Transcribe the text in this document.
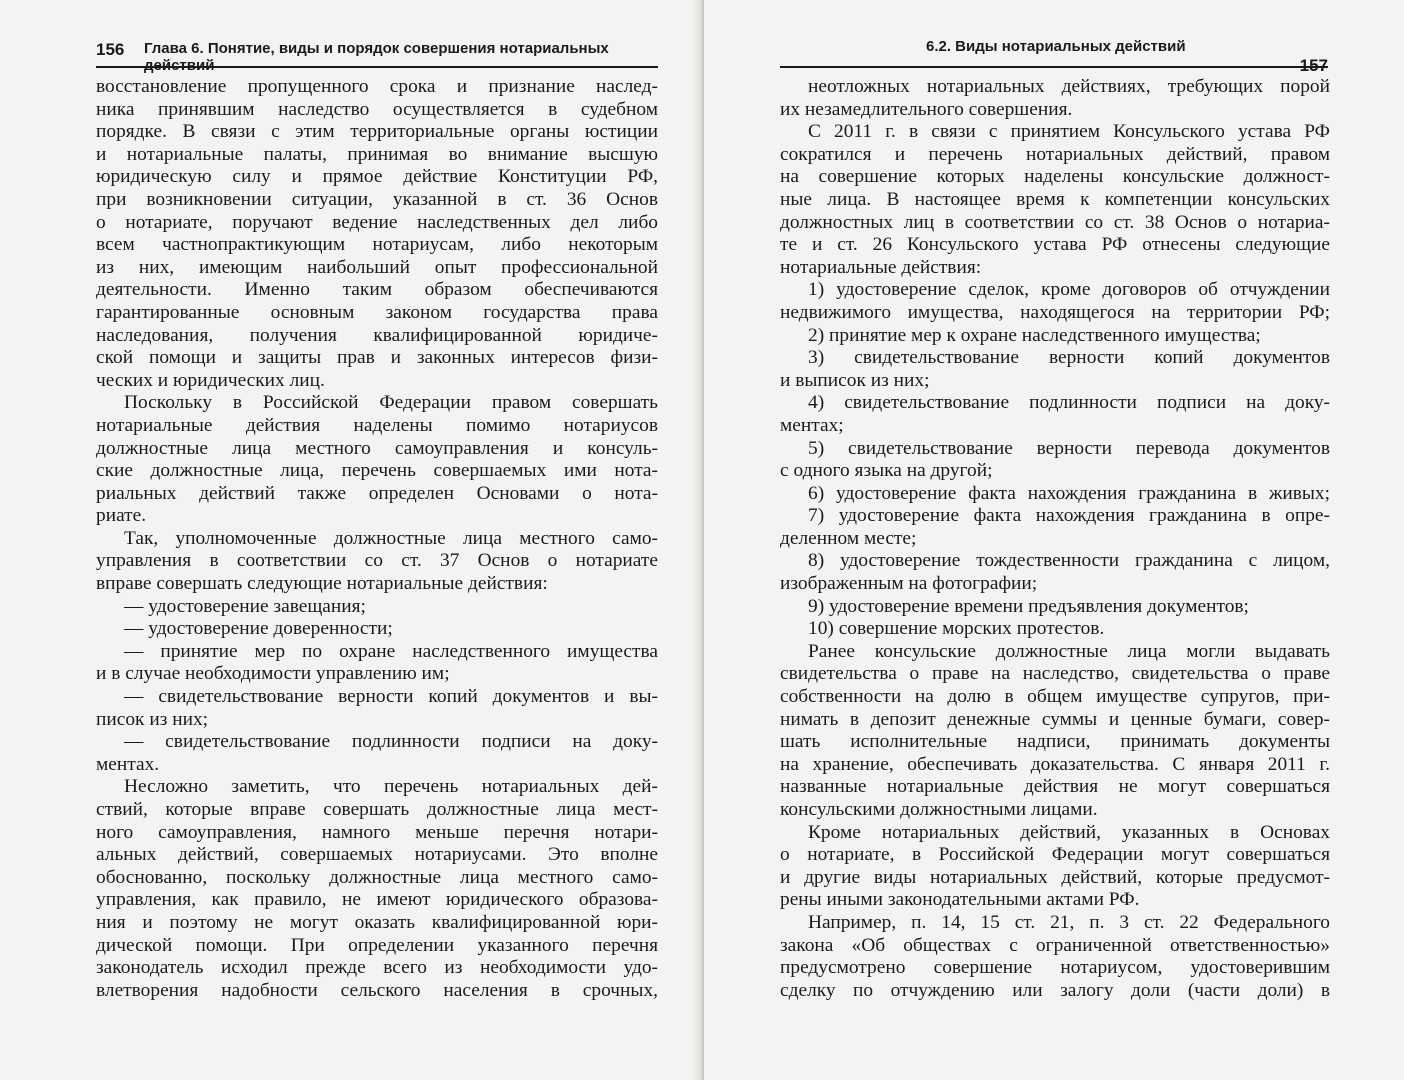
156 Глава 6. Понятие, виды и порядок совершения нотариальных действий
восстановление пропущенного срока и признание наслед-
ника принявшим наследство осуществляется в судебном
порядке. В связи с этим территориальные органы юстиции
и нотариальные палаты, принимая во внимание высшую
юридическую силу и прямое действие Конституции РФ,
при возникновении ситуации, указанной в ст. 36 Основ
о нотариате, поручают ведение наследственных дел либо
всем частнопрактикующим нотариусам, либо некоторым
из них, имеющим наибольший опыт профессиональной
деятельности. Именно таким образом обеспечиваются
гарантированные основным законом государства права
наследования, получения квалифицированной юридиче-
ской помощи и защиты прав и законных интересов физи-
ческих и юридических лиц.
Поскольку в Российской Федерации правом совершать
нотариальные действия наделены помимо нотариусов
должностные лица местного самоуправления и консуль-
ские должностные лица, перечень совершаемых ими нота-
риальных действий также определен Основами о нота-
риате.
Так, уполномоченные должностные лица местного само-
управления в соответствии со ст. 37 Основ о нотариате
вправе совершать следующие нотариальные действия:
— удостоверение завещания;
— удостоверение доверенности;
— принятие мер по охране наследственного имущества
и в случае необходимости управлению им;
— свидетельствование верности копий документов и вы-
писок из них;
— свидетельствование подлинности подписи на доку-
ментах.
Несложно заметить, что перечень нотариальных дей-
ствий, которые вправе совершать должностные лица мест-
ного самоуправления, намного меньше перечня нотари-
альных действий, совершаемых нотариусами. Это вполне
обоснованно, поскольку должностные лица местного само-
управления, как правило, не имеют юридического образова-
ния и поэтому не могут оказать квалифицированной юри-
дической помощи. При определении указанного перечня
законодатель исходил прежде всего из необходимости удо-
влетворения надобности сельского населения в срочных,
6.2. Виды нотариальных действий
157
неотложных нотариальных действиях, требующих порой
их незамедлительного совершения.
С 2011 г. в связи с принятием Консульского устава РФ
сократился и перечень нотариальных действий, правом
на совершение которых наделены консульские должност-
ные лица. В настоящее время к компетенции консульских
должностных лиц в соответствии со ст. 38 Основ о нотариа-
те и ст. 26 Консульского устава РФ отнесены следующие
нотариальные действия:
1) удостоверение сделок, кроме договоров об отчуждении
недвижимого имущества, находящегося на территории РФ;
2) принятие мер к охране наследственного имущества;
3) свидетельствование верности копий документов
и выписок из них;
4) свидетельствование подлинности подписи на доку-
ментах;
5) свидетельствование верности перевода документов
с одного языка на другой;
6) удостоверение факта нахождения гражданина в живых;
7) удостоверение факта нахождения гражданина в опре-
деленном месте;
8) удостоверение тождественности гражданина с лицом,
изображенным на фотографии;
9) удостоверение времени предъявления документов;
10) совершение морских протестов.
Ранее консульские должностные лица могли выдавать
свидетельства о праве на наследство, свидетельства о праве
собственности на долю в общем имуществе супругов, при-
нимать в депозит денежные суммы и ценные бумаги, совер-
шать исполнительные надписи, принимать документы
на хранение, обеспечивать доказательства. С января 2011 г.
названные нотариальные действия не могут совершаться
консульскими должностными лицами.
Кроме нотариальных действий, указанных в Основах
о нотариате, в Российской Федерации могут совершаться
и другие виды нотариальных действий, которые предусмот-
рены иными законодательными актами РФ.
Например, п. 14, 15 ст. 21, п. 3 ст. 22 Федерального
закона «Об обществах с ограниченной ответственностью»
предусмотрено совершение нотариусом, удостоверившим
сделку по отчуждению или залогу доли (части доли) в
